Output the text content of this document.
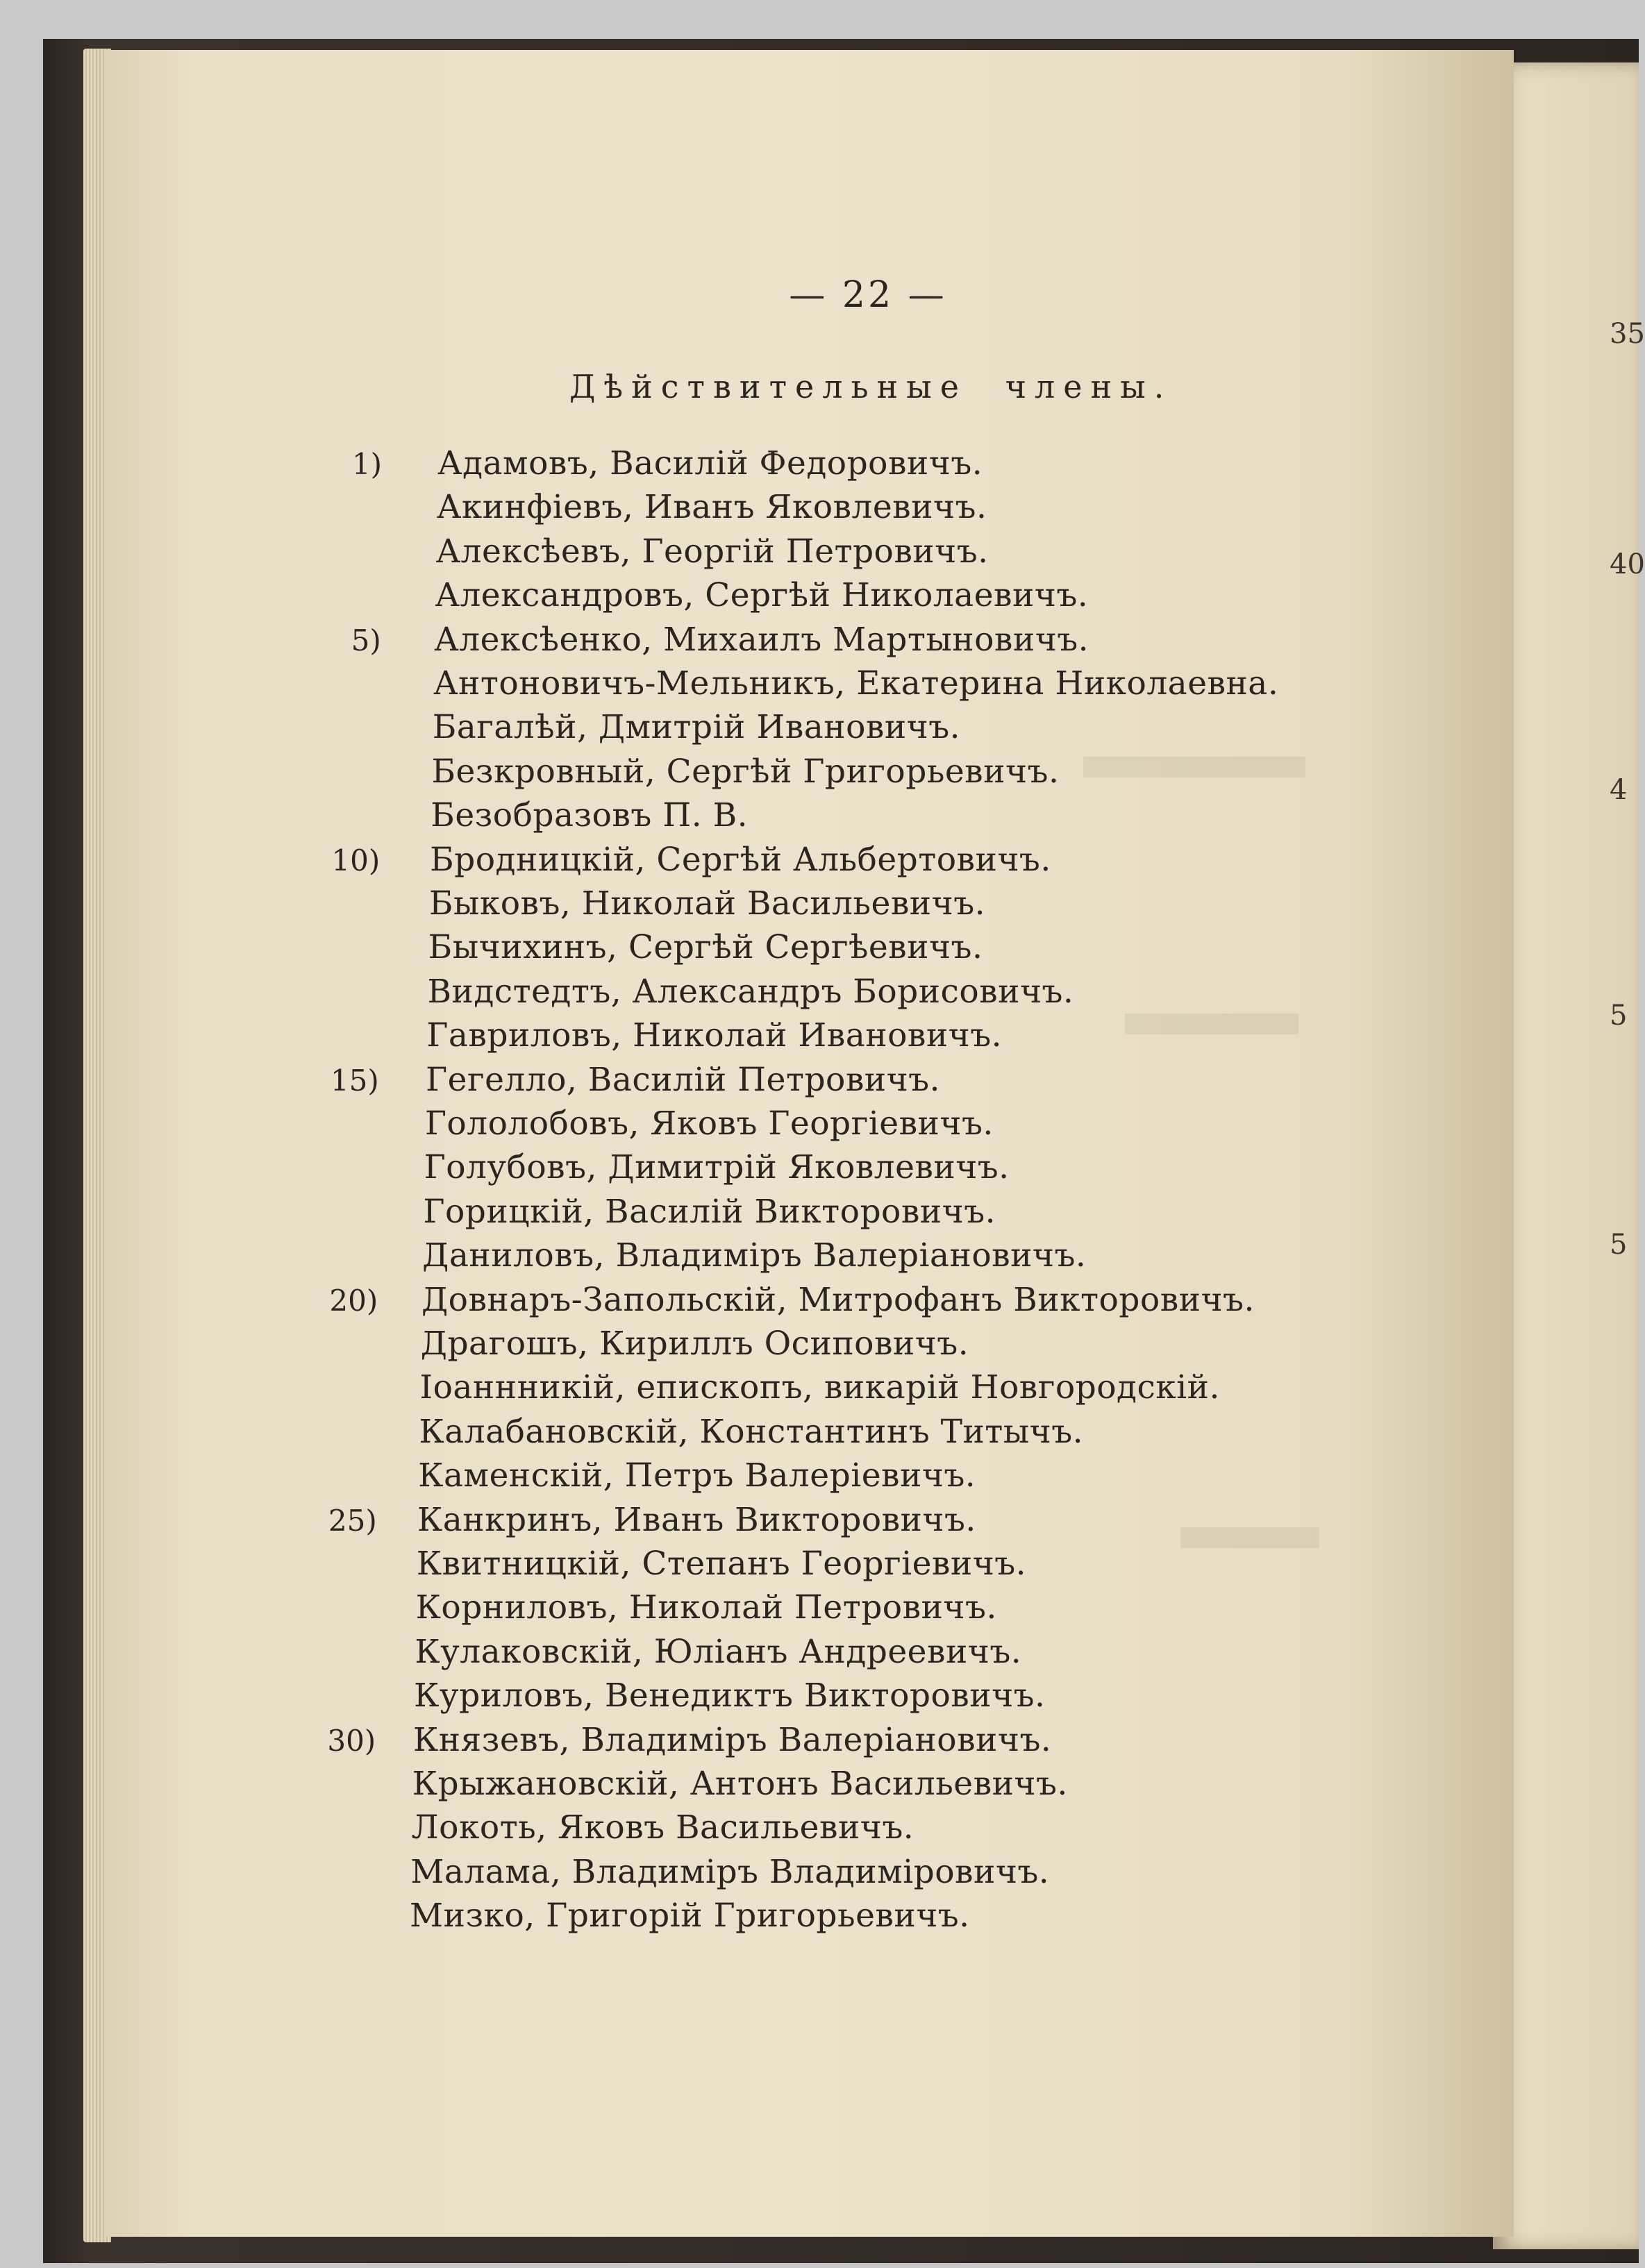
35
40
4
5
5
— 22 —
Дѣйствительные члены.
1) Адамовъ, Василій Федоровичъ.
Акинфіевъ, Иванъ Яковлевичъ.
Алексѣевъ, Георгій Петровичъ.
Александровъ, Сергѣй Николаевичъ.
5) Алексѣенко, Михаилъ Мартыновичъ.
Антоновичъ-Мельникъ, Екатерина Николаевна.
Багалѣй, Дмитрій Ивановичъ.
Безкровный, Сергѣй Григорьевичъ.
Безобразовъ П. В.
10) Бродницкій, Сергѣй Альбертовичъ.
Быковъ, Николай Васильевичъ.
Бычихинъ, Сергѣй Сергѣевичъ.
Видстедтъ, Александръ Борисовичъ.
Гавриловъ, Николай Ивановичъ.
15) Гегелло, Василій Петровичъ.
Гололобовъ, Яковъ Георгіевичъ.
Голубовъ, Димитрій Яковлевичъ.
Горицкій, Василій Викторовичъ.
Даниловъ, Владиміръ Валеріановичъ.
20) Довнаръ-Запольскій, Митрофанъ Викторовичъ.
Драгошъ, Кириллъ Осиповичъ.
Іоаннникій, епископъ, викарій Новгородскій.
Калабановскій, Константинъ Титычъ.
Каменскій, Петръ Валеріевичъ.
25) Канкринъ, Иванъ Викторовичъ.
Квитницкій, Степанъ Георгіевичъ.
Корниловъ, Николай Петровичъ.
Кулаковскій, Юліанъ Андреевичъ.
Куриловъ, Венедиктъ Викторовичъ.
30) Князевъ, Владиміръ Валеріановичъ.
Крыжановскій, Антонъ Васильевичъ.
Локоть, Яковъ Васильевичъ.
Малама, Владиміръ Владиміровичъ.
Мизко, Григорій Григорьевичъ.
